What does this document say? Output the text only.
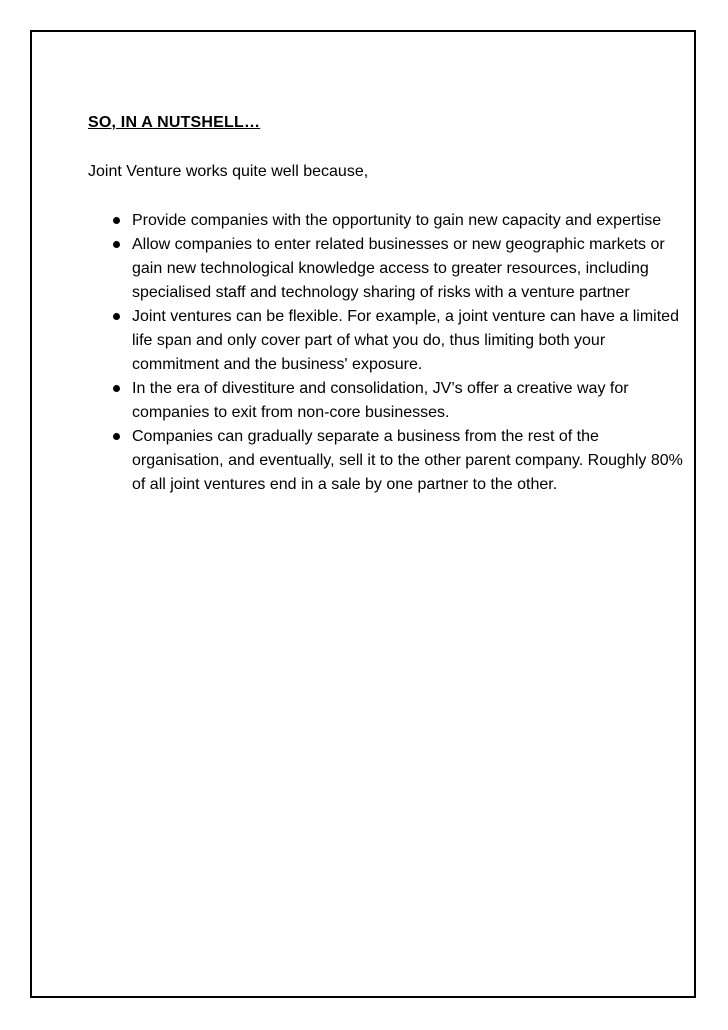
SO, IN A NUTSHELL…

Joint Venture works quite well because,

Provide companies with the opportunity to gain new capacity and expertise
Allow companies to enter related businesses or new geographic markets or gain new technological knowledge access to greater resources, including specialised staff and technology sharing of risks with a venture partner
Joint ventures can be flexible. For example, a joint venture can have a limited life span and only cover part of what you do, thus limiting both your commitment and the business' exposure.
In the era of divestiture and consolidation, JV’s offer a creative way for companies to exit from non-core businesses.
Companies can gradually separate a business from the rest of the organisation, and eventually, sell it to the other parent company. Roughly 80% of all joint ventures end in a sale by one partner to the other.
